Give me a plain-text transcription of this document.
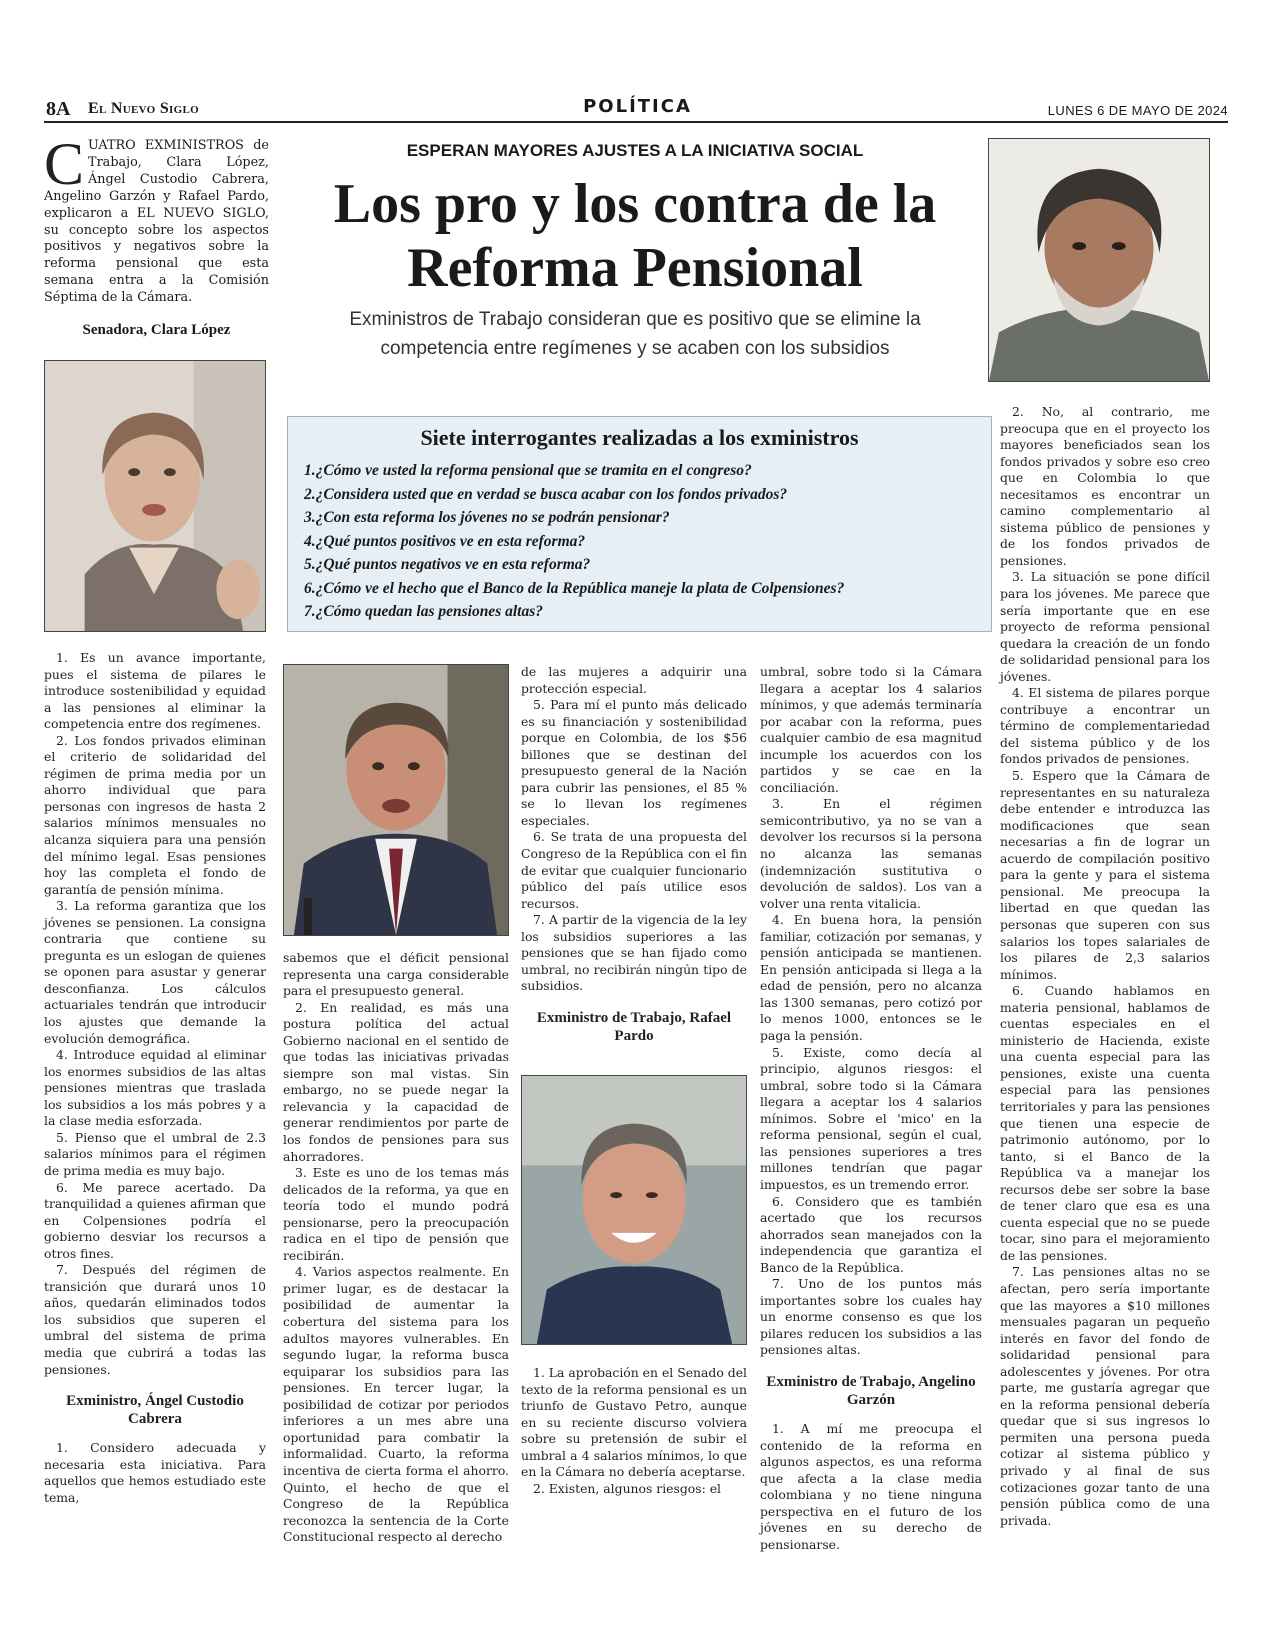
8A El Nuevo Siglo	POLÍTICA	LUNES 6 DE MAYO DE 2024
C UATRO EXMINISTROS de Trabajo, Clara López, Ángel Custodio Cabrera, Angelino Garzón y Rafael Pardo, explicaron a EL NUEVO SIGLO, su concepto sobre los aspectos positivos y negativos sobre la reforma pensional que esta semana entra a la Comisión Séptima de la Cámara.
Senadora, Clara López
ESPERAN MAYORES AJUSTES A LA INICIATIVA SOCIAL
Los pro y los contra de la
Reforma Pensional
Exministros de Trabajo consideran que es positivo que se elimine la
competencia entre regímenes y se acaben con los subsidios
Siete interrogantes realizadas a los exministros
1.¿Cómo ve usted la reforma pensional que se tramita en el congreso?
2.¿Considera usted que en verdad se busca acabar con los fondos privados?
3.¿Con esta reforma los jóvenes no se podrán pensionar?
4.¿Qué puntos positivos ve en esta reforma?
5.¿Qué puntos negativos ve en esta reforma?
6.¿Cómo ve el hecho que el Banco de la República maneje la plata de Colpensiones?
7.¿Cómo quedan las pensiones altas?

1. Es un avance importante, pues el sistema de pilares le introduce sostenibilidad y equidad a las pensiones al eliminar la competencia entre dos regímenes.

2. Los fondos privados eliminan el criterio de solidaridad del régimen de prima media por un ahorro individual que para personas con ingresos de hasta 2 salarios mínimos mensuales no alcanza siquiera para una pensión del mínimo legal. Esas pensiones hoy las completa el fondo de garantía de pensión mínima.

3. La reforma garantiza que los jóvenes se pensionen. La consigna contraria que contiene su pregunta es un eslogan de quienes se oponen para asustar y generar desconfianza. Los cálculos actuariales tendrán que introducir los ajustes que demande la evolución demográfica.

4. Introduce equidad al eliminar los enormes subsidios de las altas pensiones mientras que traslada los subsidios a los más pobres y a la clase media esforzada.

5. Pienso que el umbral de 2.3 salarios mínimos para el régimen de prima media es muy bajo.

6. Me parece acertado. Da tranquilidad a quienes afirman que en Colpensiones podría el gobierno desviar los recursos a otros fines.

7. Después del régimen de transición que durará unos 10 años, quedarán eliminados todos los subsidios que superen el umbral del sistema de prima media que cubrirá a todas las pensiones.

Exministro, Ángel Custodio Cabrera

1. Considero adecuada y necesaria esta iniciativa. Para aquellos que hemos estudiado este tema,

sabemos que el déficit pensional representa una carga considerable para el presupuesto general.

2. En realidad, es más una postura política del actual Gobierno nacional en el sentido de que todas las iniciativas privadas siempre son mal vistas. Sin embargo, no se puede negar la relevancia y la capacidad de generar rendimientos por parte de los fondos de pensiones para sus ahorradores.

3. Este es uno de los temas más delicados de la reforma, ya que en teoría todo el mundo podrá pensionarse, pero la preocupación radica en el tipo de pensión que recibirán.

4. Varios aspectos realmente. En primer lugar, es de destacar la posibilidad de aumentar la cobertura del sistema para los adultos mayores vulnerables. En segundo lugar, la reforma busca equiparar los subsidios para las pensiones. En tercer lugar, la posibilidad de cotizar por periodos inferiores a un mes abre una oportunidad para combatir la informalidad. Cuarto, la reforma incentiva de cierta forma el ahorro. Quinto, el hecho de que el Congreso de la República reconozca la sentencia de la Corte Constitucional respecto al derecho

de las mujeres a adquirir una protección especial.

5. Para mí el punto más delicado es su financiación y sostenibilidad porque en Colombia, de los $56 billones que se destinan del presupuesto general de la Nación para cubrir las pensiones, el 85 % se lo llevan los regímenes especiales.

6. Se trata de una propuesta del Congreso de la República con el fin de evitar que cualquier funcionario público del país utilice esos recursos.

7. A partir de la vigencia de la ley los subsidios superiores a las pensiones que se han fijado como umbral, no recibirán ningún tipo de subsidios.

Exministro de Trabajo, Rafael Pardo

1. La aprobación en el Senado del texto de la reforma pensional es un triunfo de Gustavo Petro, aunque en su reciente discurso volviera sobre su pretensión de subir el umbral a 4 salarios mínimos, lo que en la Cámara no debería aceptarse.

2. Existen, algunos riesgos: el

umbral, sobre todo si la Cámara llegara a aceptar los 4 salarios mínimos, y que además terminaría por acabar con la reforma, pues cualquier cambio de esa magnitud incumple los acuerdos con los partidos y se cae en la conciliación.

3. En el régimen semicontributivo, ya no se van a devolver los recursos si la persona no alcanza las semanas (indemnización sustitutiva o devolución de saldos). Los van a volver una renta vitalicia.

4. En buena hora, la pensión familiar, cotización por semanas, y pensión anticipada se mantienen. En pensión anticipada si llega a la edad de pensión, pero no alcanza las 1300 semanas, pero cotizó por lo menos 1000, entonces se le paga la pensión.

5. Existe, como decía al principio, algunos riesgos: el umbral, sobre todo si la Cámara llegara a aceptar los 4 salarios mínimos. Sobre el 'mico' en la reforma pensional, según el cual, las pensiones superiores a tres millones tendrían que pagar impuestos, es un tremendo error.

6. Considero que es también acertado que los recursos ahorrados sean manejados con la independencia que garantiza el Banco de la República.

7. Uno de los puntos más importantes sobre los cuales hay un enorme consenso es que los pilares reducen los subsidios a las pensiones altas.

Exministro de Trabajo, Angelino Garzón

1. A mí me preocupa el contenido de la reforma en algunos aspectos, es una reforma que afecta a la clase media colombiana y no tiene ninguna perspectiva en el futuro de los jóvenes en su derecho de pensionarse.

2. No, al contrario, me preocupa que en el proyecto los mayores beneficiados sean los fondos privados y sobre eso creo que en Colombia lo que necesitamos es encontrar un camino complementario al sistema público de pensiones y de los fondos privados de pensiones.

3. La situación se pone difícil para los jóvenes. Me parece que sería importante que en ese proyecto de reforma pensional quedara la creación de un fondo de solidaridad pensional para los jóvenes.

4. El sistema de pilares porque contribuye a encontrar un término de complementariedad del sistema público y de los fondos privados de pensiones.

5. Espero que la Cámara de representantes en su naturaleza debe entender e introduzca las modificaciones que sean necesarias a fin de lograr un acuerdo de compilación positivo para la gente y para el sistema pensional. Me preocupa la libertad en que quedan las personas que superen con sus salarios los topes salariales de los pilares de 2,3 salarios mínimos.

6. Cuando hablamos en materia pensional, hablamos de cuentas especiales en el ministerio de Hacienda, existe una cuenta especial para las pensiones, existe una cuenta especial para las pensiones territoriales y para las pensiones que tienen una especie de patrimonio autónomo, por lo tanto, si el Banco de la República va a manejar los recursos debe ser sobre la base de tener claro que esa es una cuenta especial que no se puede tocar, sino para el mejoramiento de las pensiones.

7. Las pensiones altas no se afectan, pero sería importante que las mayores a $10 millones mensuales pagaran un pequeño interés en favor del fondo de solidaridad pensional para adolescentes y jóvenes. Por otra parte, me gustaría agregar que en la reforma pensional debería quedar que si sus ingresos lo permiten una persona pueda cotizar al sistema público y privado y al final de sus cotizaciones gozar tanto de una pensión pública como de una privada.
